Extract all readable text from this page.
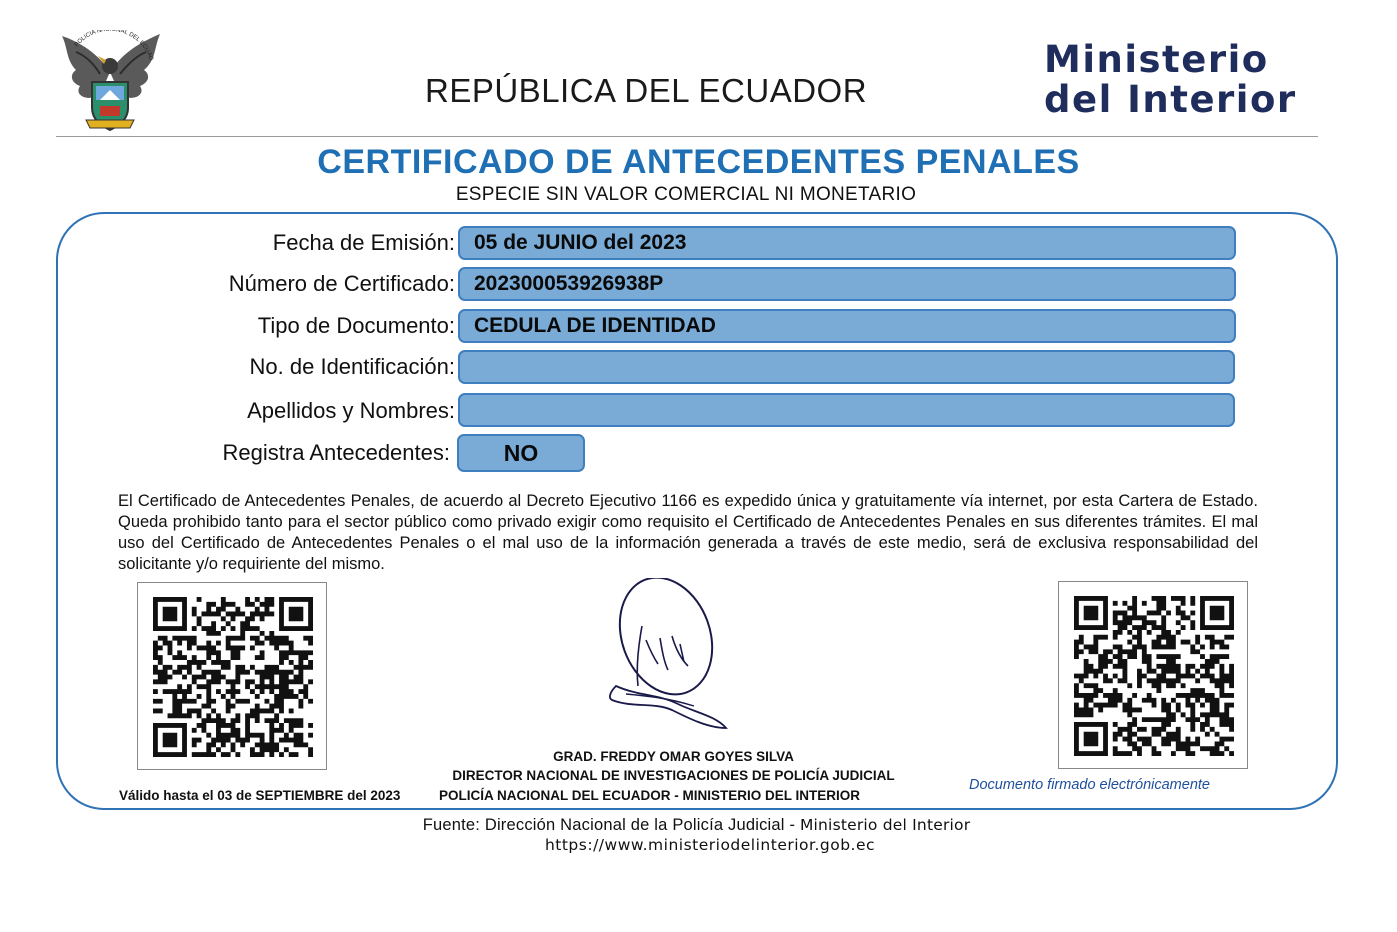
POLICIA NA NAL DEL ECUAD
REPÚBLICA DEL ECUADOR
Ministerio
del Interior
CERTIFICADO DE ANTECEDENTES PENALES
ESPECIE SIN VALOR COMERCIAL NI MONETARIO
Fecha de Emisión: 05 de JUNIO del 2023
Número de Certificado: 202300053926938P
Tipo de Documento: CEDULA DE IDENTIDAD
No. de Identificación:
Apellidos y Nombres:
Registra Antecedentes:	NO
El Certificado de Antecedentes Penales, de acuerdo al Decreto Ejecutivo 1166 es expedido única y gratuitamente vía internet, por esta Cartera de Estado. Queda prohibido tanto para el sector público como privado exigir como requisito el Certificado de Antecedentes Penales en sus diferentes trámites. El mal uso del Certificado de Antecedentes Penales o el mal uso de la información generada a través de este medio, será de exclusiva responsabilidad del solicitante y/o requiriente del mismo.
GRAD. FREDDY OMAR GOYES SILVA
DIRECTOR NACIONAL DE INVESTIGACIONES DE POLICÍA JUDICIAL
Válido hasta el 03 de SEPTIEMBRE del 2023	POLICÍA NACIONAL DEL ECUADOR - MINISTERIO DEL INTERIOR
Documento firmado electrónicamente
Fuente: Dirección Nacional de la Policía Judicial - Ministerio del Interior
https://www.ministeriodelinterior.gob.ec
